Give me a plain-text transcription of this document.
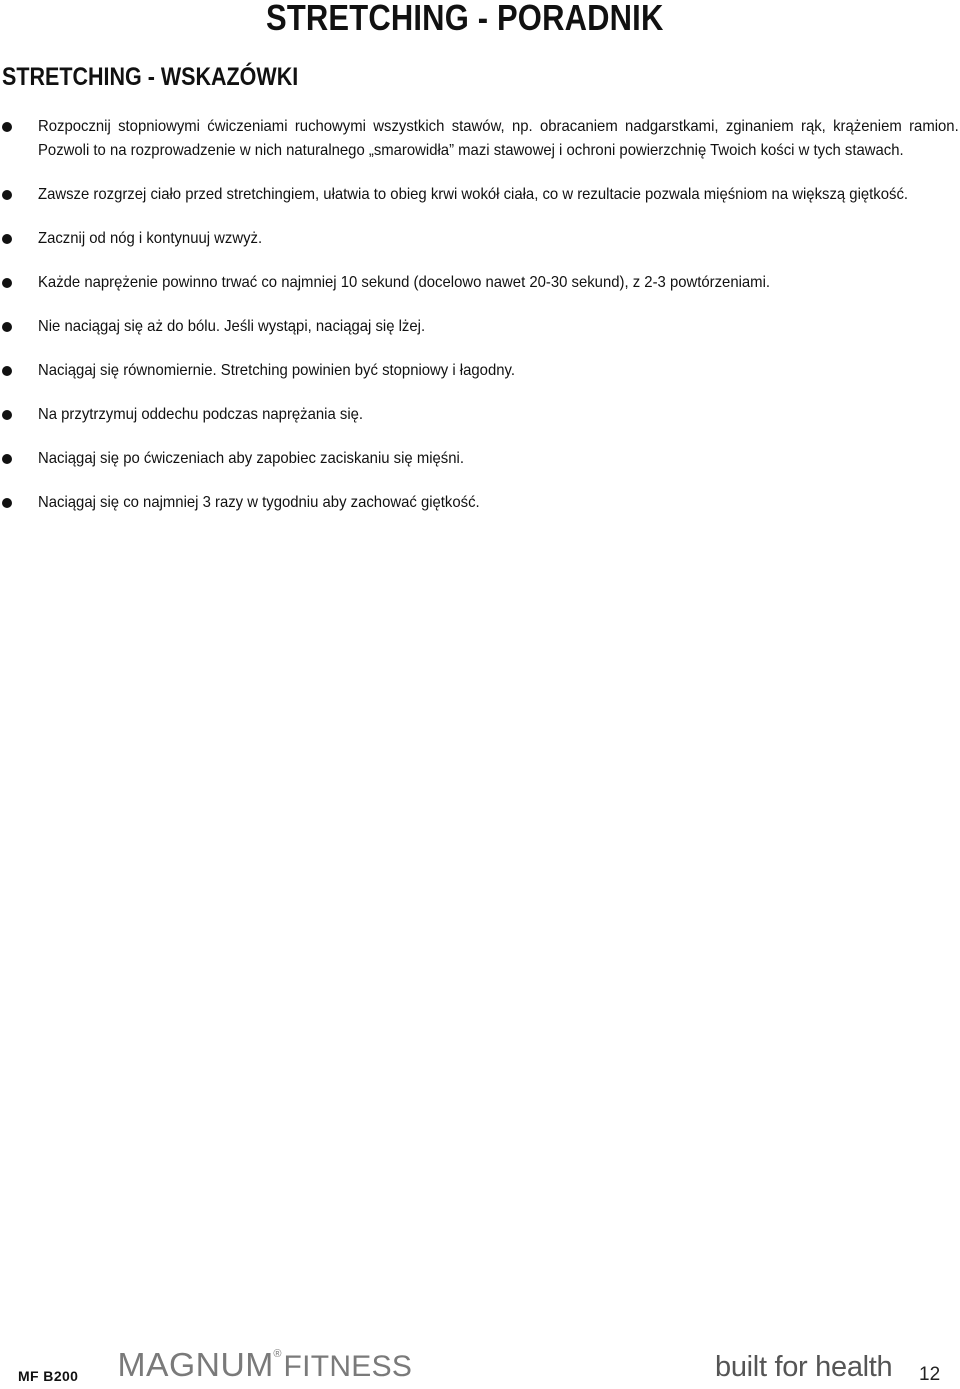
STRETCHING - PORADNIK
STRETCHING - WSKAZÓWKI
Rozpocznij stopniowymi ćwiczeniami ruchowymi wszystkich stawów, np. obracaniem nadgarstkami, zginaniem rąk, krążeniem ramion. Pozwoli to na rozprowadzenie w nich naturalnego „smarowidła” mazi stawowej i ochroni powierzchnię Twoich kości w tych stawach.
Zawsze rozgrzej ciało przed stretchingiem, ułatwia to obieg krwi wokół ciała, co w rezultacie pozwala mięśniom na większą giętkość.
Zacznij od nóg i kontynuuj wzwyż.
Każde naprężenie powinno trwać co najmniej 10 sekund (docelowo nawet 20-30 sekund), z 2-3 powtórzeniami.
Nie naciągaj się aż do bólu. Jeśli wystąpi, naciągaj się lżej.
Naciągaj się równomiernie. Stretching powinien być stopniowy i łagodny.
Na przytrzymuj oddechu podczas naprężania się.
Naciągaj się po ćwiczeniach aby zapobiec zaciskaniu się mięśni.
Naciągaj się co najmniej 3 razy w tygodniu aby zachować giętkość.
MF B200 MAGNUM®FITNESS	built for health 12
